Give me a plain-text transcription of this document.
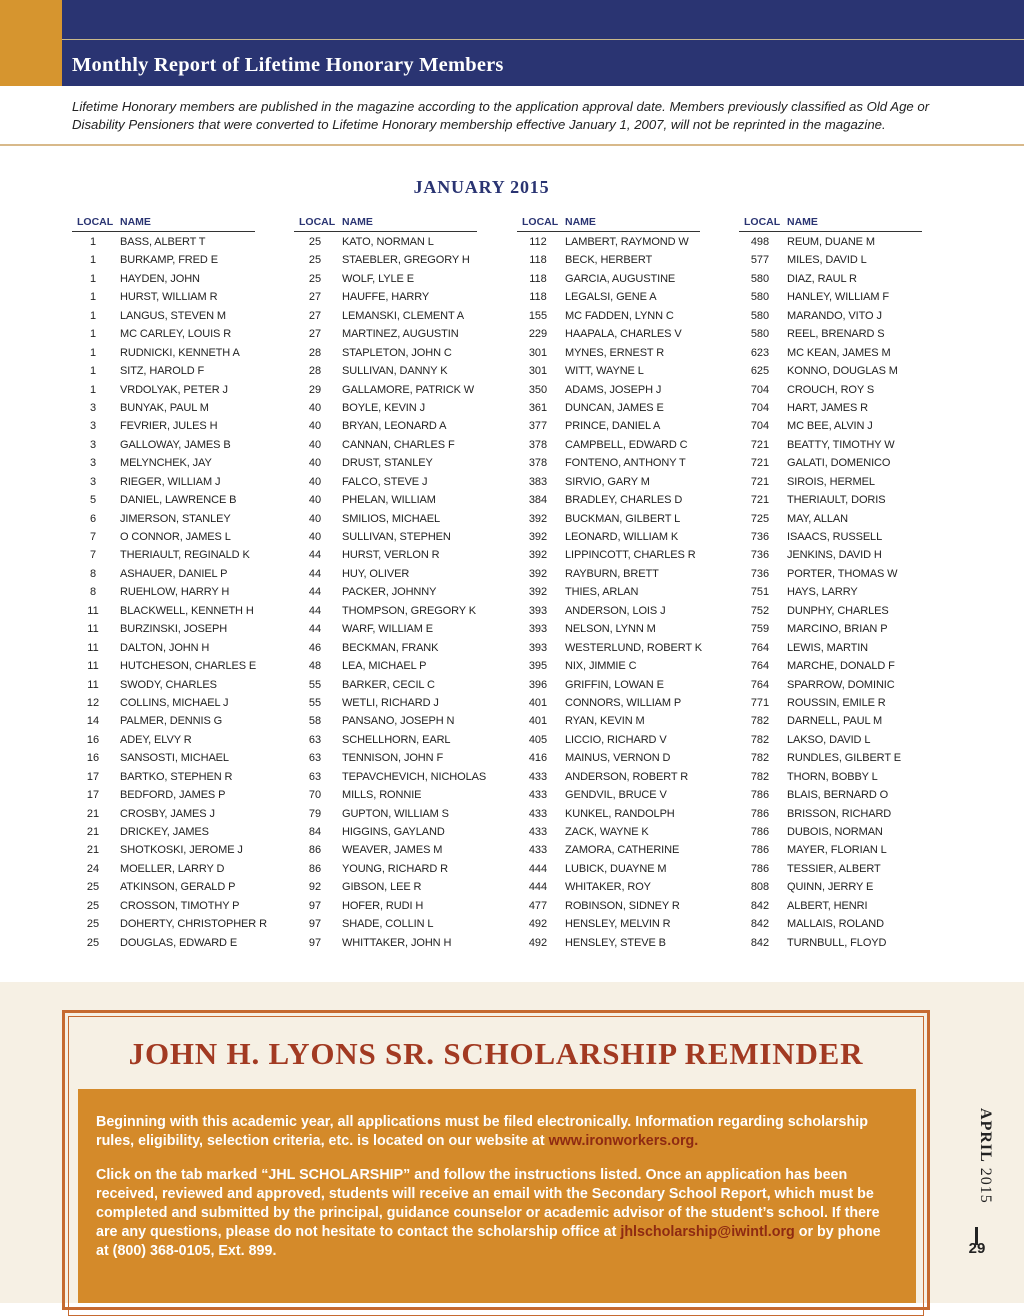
Monthly Report of Lifetime Honorary Members
Lifetime Honorary members are published in the magazine according to the application approval date. Members previously classified as Old Age or Disability Pensioners that were converted to Lifetime Honorary membership effective January 1, 2007, will not be reprinted in the magazine.
JANUARY 2015
LOCAL NAME
1	BASS, ALBERT T
1	BURKAMP, FRED E
1	HAYDEN, JOHN
1	HURST, WILLIAM R
1	LANGUS, STEVEN M
1	MC CARLEY, LOUIS R
1	RUDNICKI, KENNETH A
1	SITZ, HAROLD F
1	VRDOLYAK, PETER J
3	BUNYAK, PAUL M
3	FEVRIER, JULES H
3	GALLOWAY, JAMES B
3	MELYNCHEK, JAY
3	RIEGER, WILLIAM J
5	DANIEL, LAWRENCE B
6	JIMERSON, STANLEY
7	O CONNOR, JAMES L
7	THERIAULT, REGINALD K
8	ASHAUER, DANIEL P
8	RUEHLOW, HARRY H
11	BLACKWELL, KENNETH H
11	BURZINSKI, JOSEPH
11	DALTON, JOHN H
11	HUTCHESON, CHARLES E
11	SWODY, CHARLES
12	COLLINS, MICHAEL J
14	PALMER, DENNIS G
16	ADEY, ELVY R
16	SANSOSTI, MICHAEL
17	BARTKO, STEPHEN R
17	BEDFORD, JAMES P
21	CROSBY, JAMES J
21	DRICKEY, JAMES
21	SHOTKOSKI, JEROME J
24	MOELLER, LARRY D
25	ATKINSON, GERALD P
25	CROSSON, TIMOTHY P
25	DOHERTY, CHRISTOPHER R
25	DOUGLAS, EDWARD E
LOCAL NAME
25	KATO, NORMAN L
25	STAEBLER, GREGORY H
25	WOLF, LYLE E
27	HAUFFE, HARRY
27	LEMANSKI, CLEMENT A
27	MARTINEZ, AUGUSTIN
28	STAPLETON, JOHN C
28	SULLIVAN, DANNY K
29	GALLAMORE, PATRICK W
40	BOYLE, KEVIN J
40	BRYAN, LEONARD A
40	CANNAN, CHARLES F
40	DRUST, STANLEY
40	FALCO, STEVE J
40	PHELAN, WILLIAM
40	SMILIOS, MICHAEL
40	SULLIVAN, STEPHEN
44	HURST, VERLON R
44	HUY, OLIVER
44	PACKER, JOHNNY
44	THOMPSON, GREGORY K
44	WARF, WILLIAM E
46	BECKMAN, FRANK
48	LEA, MICHAEL P
55	BARKER, CECIL C
55	WETLI, RICHARD J
58	PANSANO, JOSEPH N
63	SCHELLHORN, EARL
63	TENNISON, JOHN F
63	TEPAVCHEVICH, NICHOLAS
70	MILLS, RONNIE
79	GUPTON, WILLIAM S
84	HIGGINS, GAYLAND
86	WEAVER, JAMES M
86	YOUNG, RICHARD R
92	GIBSON, LEE R
97	HOFER, RUDI H
97	SHADE, COLLIN L
97	WHITTAKER, JOHN H
LOCAL NAME
112	LAMBERT, RAYMOND W
118	BECK, HERBERT
118	GARCIA, AUGUSTINE
118	LEGALSI, GENE A
155	MC FADDEN, LYNN C
229	HAAPALA, CHARLES V
301	MYNES, ERNEST R
301	WITT, WAYNE L
350	ADAMS, JOSEPH J
361	DUNCAN, JAMES E
377	PRINCE, DANIEL A
378	CAMPBELL, EDWARD C
378	FONTENO, ANTHONY T
383	SIRVIO, GARY M
384	BRADLEY, CHARLES D
392	BUCKMAN, GILBERT L
392	LEONARD, WILLIAM K
392	LIPPINCOTT, CHARLES R
392	RAYBURN, BRETT
392	THIES, ARLAN
393	ANDERSON, LOIS J
393	NELSON, LYNN M
393	WESTERLUND, ROBERT K
395	NIX, JIMMIE C
396	GRIFFIN, LOWAN E
401	CONNORS, WILLIAM P
401	RYAN, KEVIN M
405	LICCIO, RICHARD V
416	MAINUS, VERNON D
433	ANDERSON, ROBERT R
433	GENDVIL, BRUCE V
433	KUNKEL, RANDOLPH
433	ZACK, WAYNE K
433	ZAMORA, CATHERINE
444	LUBICK, DUAYNE M
444	WHITAKER, ROY
477	ROBINSON, SIDNEY R
492	HENSLEY, MELVIN R
492	HENSLEY, STEVE B
LOCAL NAME
498	REUM, DUANE M
577	MILES, DAVID L
580	DIAZ, RAUL R
580	HANLEY, WILLIAM F
580	MARANDO, VITO J
580	REEL, BRENARD S
623	MC KEAN, JAMES M
625	KONNO, DOUGLAS M
704	CROUCH, ROY S
704	HART, JAMES R
704	MC BEE, ALVIN J
721	BEATTY, TIMOTHY W
721	GALATI, DOMENICO
721	SIROIS, HERMEL
721	THERIAULT, DORIS
725	MAY, ALLAN
736	ISAACS, RUSSELL
736	JENKINS, DAVID H
736	PORTER, THOMAS W
751	HAYS, LARRY
752	DUNPHY, CHARLES
759	MARCINO, BRIAN P
764	LEWIS, MARTIN
764	MARCHE, DONALD F
764	SPARROW, DOMINIC
771	ROUSSIN, EMILE R
782	DARNELL, PAUL M
782	LAKSO, DAVID L
782	RUNDLES, GILBERT E
782	THORN, BOBBY L
786	BLAIS, BERNARD O
786	BRISSON, RICHARD
786	DUBOIS, NORMAN
786	MAYER, FLORIAN L
786	TESSIER, ALBERT
808	QUINN, JERRY E
842	ALBERT, HENRI
842	MALLAIS, ROLAND
842	TURNBULL, FLOYD
JOHN H. LYONS SR. SCHOLARSHIP REMINDER
Beginning with this academic year, all applications must be filed electronically. Information regarding scholarship rules, eligibility, selection criteria, etc. is located on our website at www.ironworkers.org.
Click on the tab marked “JHL SCHOLARSHIP” and follow the instructions listed. Once an application has been received, reviewed and approved, students will receive an email with the Secondary School Report, which must be completed and submitted by the principal, guidance counselor or academic advisor of the student’s school. If there are any questions, please do not hesitate to contact the scholarship office at jhlscholarship@iwintl.org or by phone at (800) 368-0105, Ext. 899.
APRIL 2015
29
